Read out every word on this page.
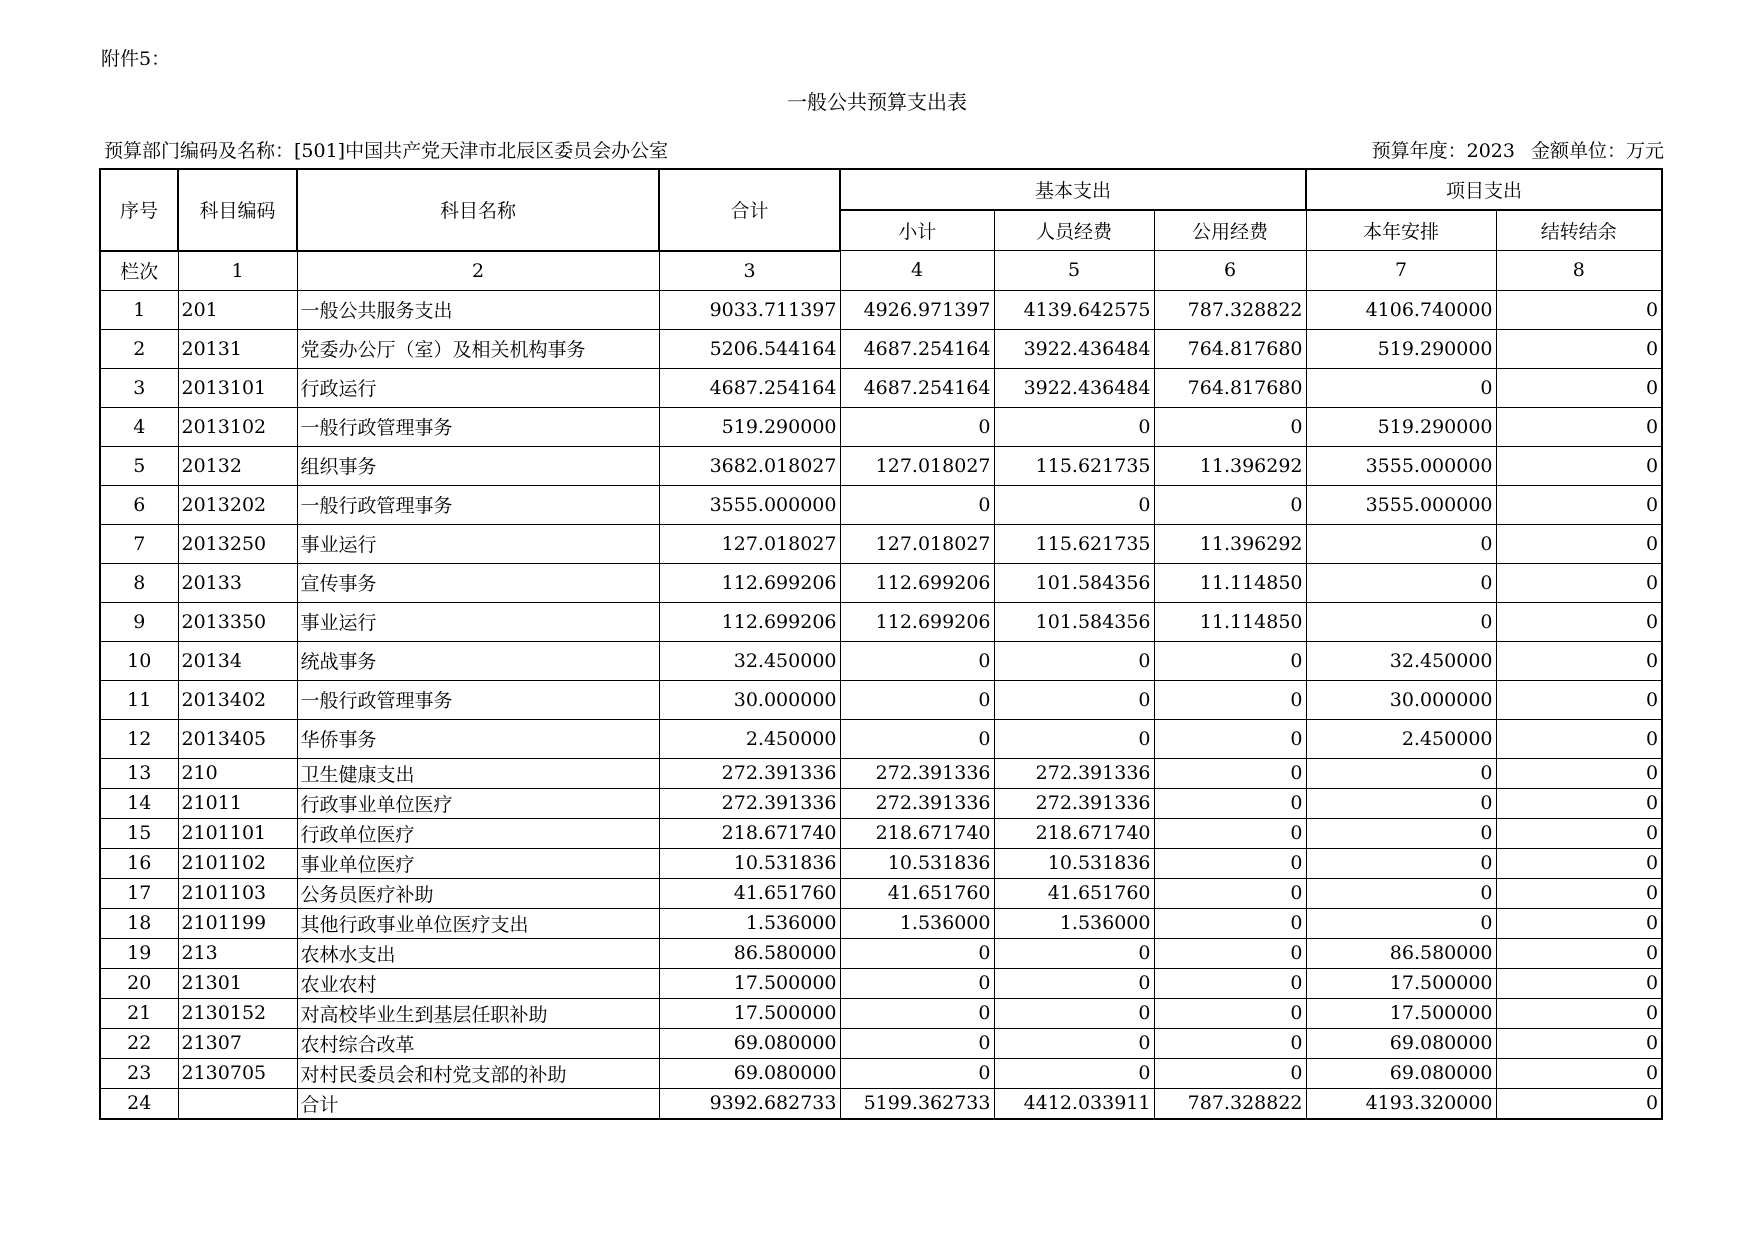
附件5：
一般公共预算支出表
预算部门编码及名称：[501]中国共产党天津市北辰区委员会办公室	预算年度：2023 金额单位：万元
序号	科目编码	科目名称	合计	基本支出			项目支出	
				小计	人员经费	公用经费	本年安排	结转结余
栏次	1	2	3	4	5	6	7	8
1	201	一般公共服务支出	9033.711397	4926.971397	4139.642575	787.328822	4106.740000	0
2	20131	党委办公厅（室）及相关机构事务	5206.544164	4687.254164	3922.436484	764.817680	519.290000	0
3	2013101	行政运行	4687.254164	4687.254164	3922.436484	764.817680	0	0
4	2013102	一般行政管理事务	519.290000	0	0	0	519.290000	0
5	20132	组织事务	3682.018027	127.018027	115.621735	11.396292	3555.000000	0
6	2013202	一般行政管理事务	3555.000000	0	0	0	3555.000000	0
7	2013250	事业运行	127.018027	127.018027	115.621735	11.396292	0	0
8	20133	宣传事务	112.699206	112.699206	101.584356	11.114850	0	0
9	2013350	事业运行	112.699206	112.699206	101.584356	11.114850	0	0
10	20134	统战事务	32.450000	0	0	0	32.450000	0
11	2013402	一般行政管理事务	30.000000	0	0	0	30.000000	0
12	2013405	华侨事务	2.450000	0	0	0	2.450000	0
13	210	卫生健康支出	272.391336	272.391336	272.391336	0	0	0
14	21011	行政事业单位医疗	272.391336	272.391336	272.391336	0	0	0
15	2101101	行政单位医疗	218.671740	218.671740	218.671740	0	0	0
16	2101102	事业单位医疗	10.531836	10.531836	10.531836	0	0	0
17	2101103	公务员医疗补助	41.651760	41.651760	41.651760	0	0	0
18	2101199	其他行政事业单位医疗支出	1.536000	1.536000	1.536000	0	0	0
19	213	农林水支出	86.580000	0	0	0	86.580000	0
20	21301	农业农村	17.500000	0	0	0	17.500000	0
21	2130152	对高校毕业生到基层任职补助	17.500000	0	0	0	17.500000	0
22	21307	农村综合改革	69.080000	0	0	0	69.080000	0
23	2130705	对村民委员会和村党支部的补助	69.080000	0	0	0	69.080000	0
24		合计	9392.682733	5199.362733	4412.033911	787.328822	4193.320000	0
